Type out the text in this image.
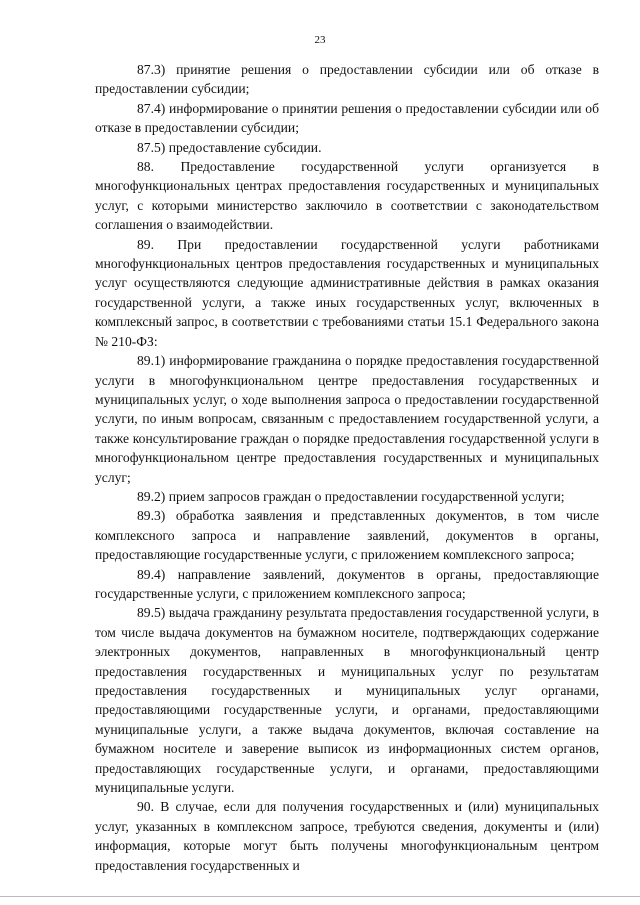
23

87.3) принятие решения о предоставлении субсидии или об отказе в предоставлении субсидии;

87.4) информирование о принятии решения о предоставлении субсидии или об отказе в предоставлении субсидии;

87.5) предоставление субсидии.

88. Предоставление государственной услуги организуется в многофункциональных центрах предоставления государственных и муниципальных услуг, с которыми министерство заключило в соответствии с законодательством соглашения о взаимодействии.

89. При предоставлении государственной услуги работниками многофункциональных центров предоставления государственных и муниципальных услуг осуществляются следующие административные действия в рамках оказания государственной услуги, а также иных государственных услуг, включенных в комплексный запрос, в соответствии с требованиями статьи 15.1 Федерального закона № 210-ФЗ:

89.1) информирование гражданина о порядке предоставления государственной услуги в многофункциональном центре предоставления государственных и муниципальных услуг, о ходе выполнения запроса о предоставлении государственной услуги, по иным вопросам, связанным с предоставлением государственной услуги, а также консультирование граждан о порядке предоставления государственной услуги в многофункциональном центре предоставления государственных и муниципальных услуг;

89.2) прием запросов граждан о предоставлении государственной услуги;

89.3) обработка заявления и представленных документов, в том числе комплексного запроса и направление заявлений, документов в органы, предоставляющие государственные услуги, с приложением комплексного запроса;

89.4) направление заявлений, документов в органы, предоставляющие государственные услуги, с приложением комплексного запроса;

89.5) выдача гражданину результата предоставления государственной услуги, в том числе выдача документов на бумажном носителе, подтверждающих содержание электронных документов, направленных в многофункциональный центр предоставления государственных и муниципальных услуг по результатам предоставления государственных и муниципальных услуг органами, предоставляющими государственные услуги, и органами, предоставляющими муниципальные услуги, а также выдача документов, включая составление на бумажном носителе и заверение выписок из информационных систем органов, предоставляющих государственные услуги, и органами, предоставляющими муниципальные услуги.

90. В случае, если для получения государственных и (или) муниципальных услуг, указанных в комплексном запросе, требуются сведения, документы и (или) информация, которые могут быть получены многофункциональным центром предоставления государственных и
